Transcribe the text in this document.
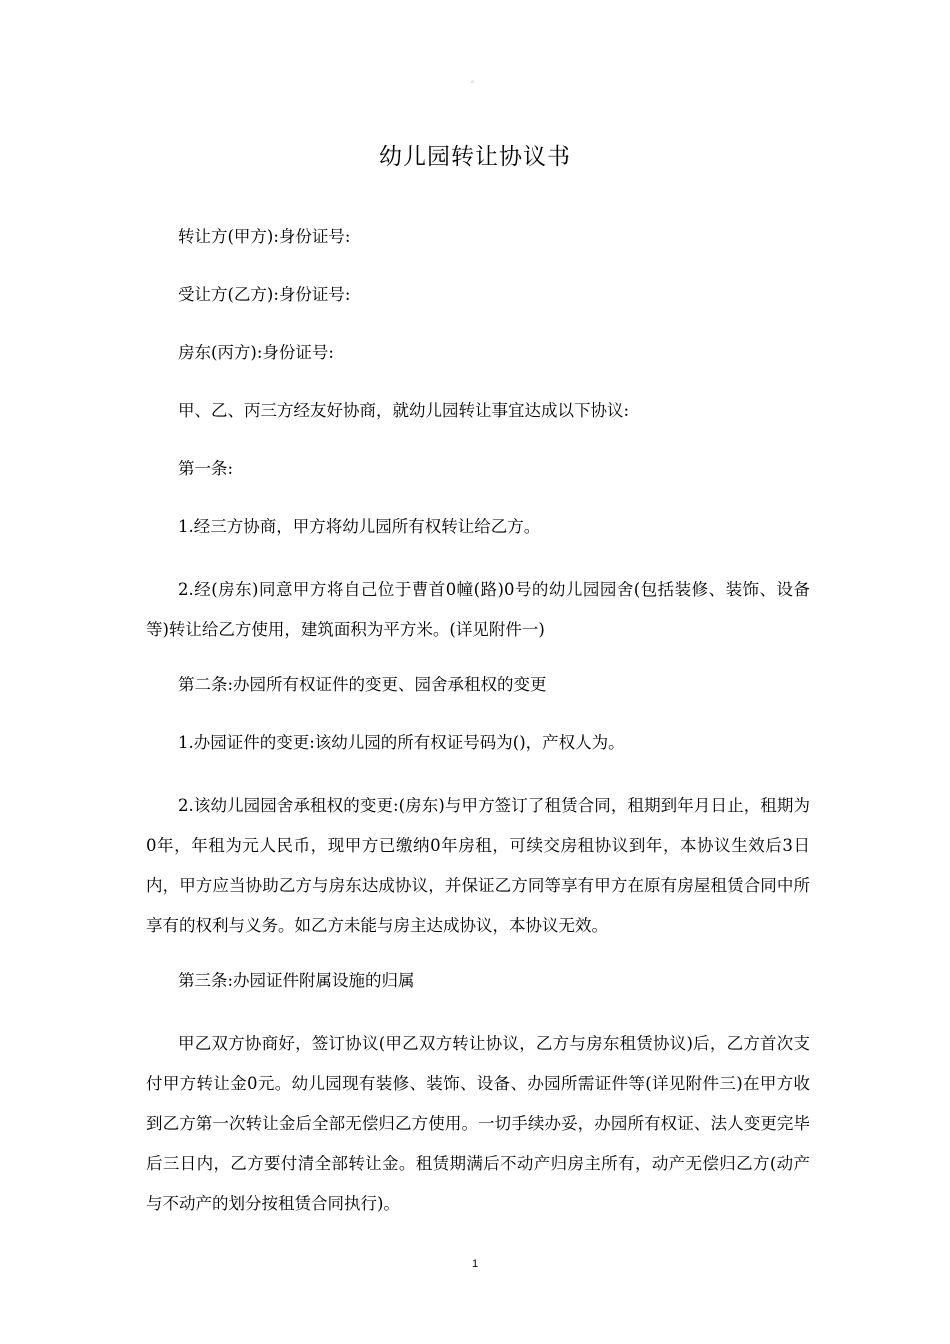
。
幼儿园转让协议书

转让方(甲方):身份证号:

受让方(乙方):身份证号:

房东(丙方):身份证号:

甲、乙、丙三方经友好协商，就幼儿园转让事宜达成以下协议:

第一条:

1.经三方协商，甲方将幼儿园所有权转让给乙方。

2.经(房东)同意甲方将自己位于曹首0幢(路)0号的幼儿园园舍(包括装修、装饰、设备等)转让给乙方使用，建筑面积为平方米。(详见附件一)

第二条:办园所有权证件的变更、园舍承租权的变更

1.办园证件的变更:该幼儿园的所有权证号码为()，产权人为。

2.该幼儿园园舍承租权的变更:(房东)与甲方签订了租赁合同，租期到年月日止，租期为0年，年租为元人民币，现甲方已缴纳0年房租，可续交房租协议到年，本协议生效后3日内，甲方应当协助乙方与房东达成协议，并保证乙方同等享有甲方在原有房屋租赁合同中所享有的权利与义务。如乙方未能与房主达成协议，本协议无效。

第三条:办园证件附属设施的归属

甲乙双方协商好，签订协议(甲乙双方转让协议，乙方与房东租赁协议)后，乙方首次支付甲方转让金0元。幼儿园现有装修、装饰、设备、办园所需证件等(详见附件三)在甲方收到乙方第一次转让金后全部无偿归乙方使用。一切手续办妥，办园所有权证、法人变更完毕后三日内，乙方要付清全部转让金。租赁期满后不动产归房主所有，动产无偿归乙方(动产与不动产的划分按租赁合同执行)。

1
